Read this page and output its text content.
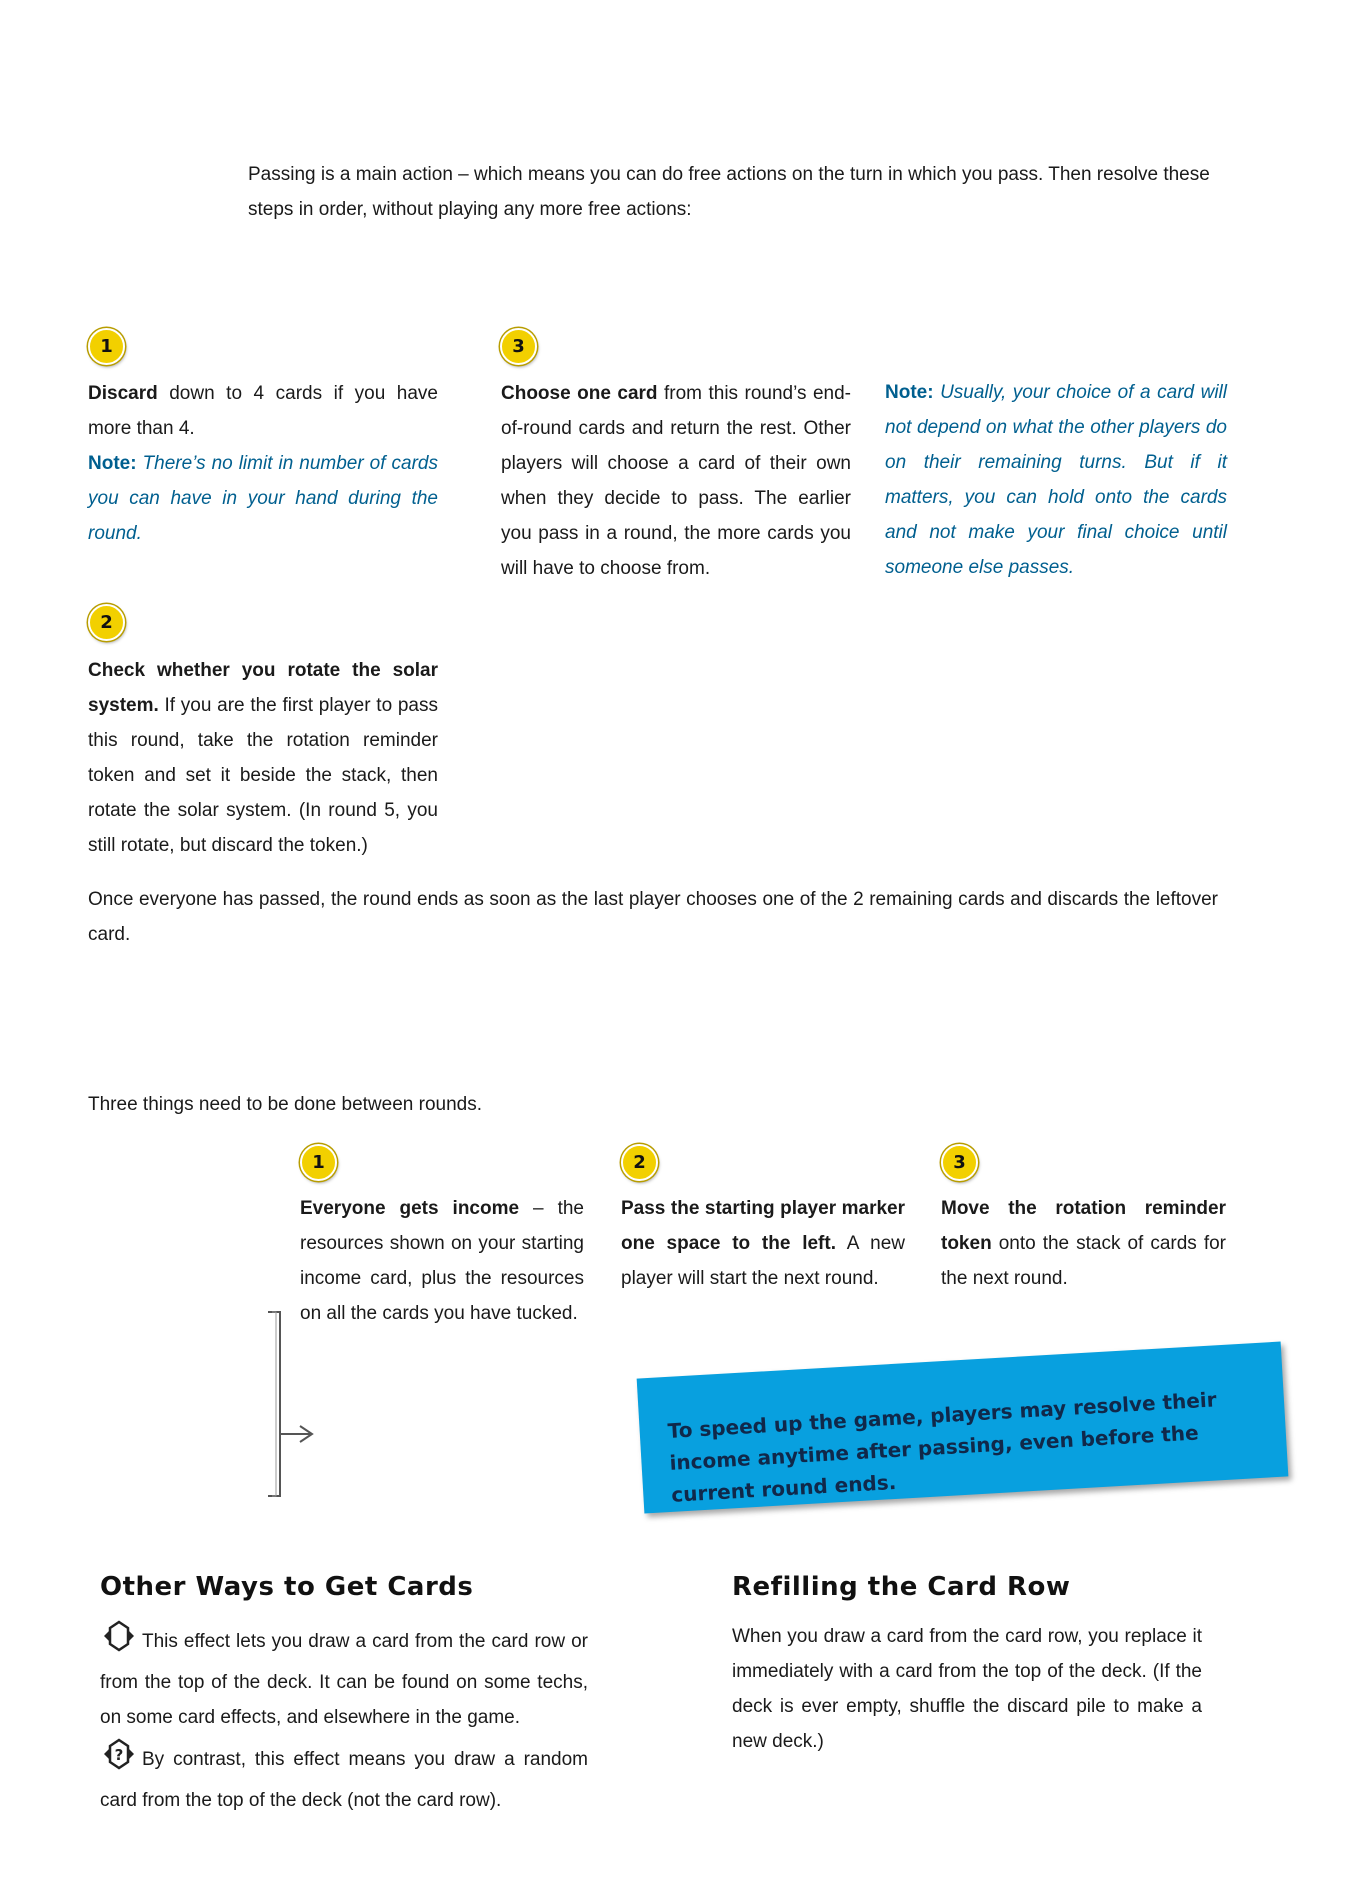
Passing is a main action – which means you can do free actions on the turn in which you pass. Then resolve these steps in order, without playing any more free actions:
1
Discard down to 4 cards if you have more than 4.
Note: There’s no limit in number of cards you can have in your hand during the round.
2
Check whether you rotate the solar system. If you are the first player to pass this round, take the rotation reminder token and set it beside the stack, then rotate the solar system. (In round 5, you still rotate, but discard the token.)
3
Choose one card from this round’s end-of-round cards and return the rest. Other players will choose a card of their own when they decide to pass. The earlier you pass in a round, the more cards you will have to choose from.
Note: Usually, your choice of a card will not depend on what the other players do on their remaining turns. But if it matters, you can hold onto the cards and not make your final choice until someone else passes.
Once everyone has passed, the round ends as soon as the last player chooses one of the 2 remaining cards and discards the leftover card.
Three things need to be done between rounds.
1
Everyone gets income – the resources shown on your starting income card, plus the resources on all the cards you have tucked.
2
Pass the starting player marker one space to the left. A new player will start the next round.
3
Move the rotation reminder token onto the stack of cards for the next round.
To speed up the game, players may resolve their income anytime after passing, even before the current round ends.
Other Ways to Get Cards
This effect lets you draw a card from the card row or from the top of the deck. It can be found on some techs, on some card effects, and elsewhere in the game.
? By contrast, this effect means you draw a random card from the top of the deck (not the card row).
Refilling the Card Row
When you draw a card from the card row, you replace it immediately with a card from the top of the deck. (If the deck is ever empty, shuffle the discard pile to make a new deck.)
